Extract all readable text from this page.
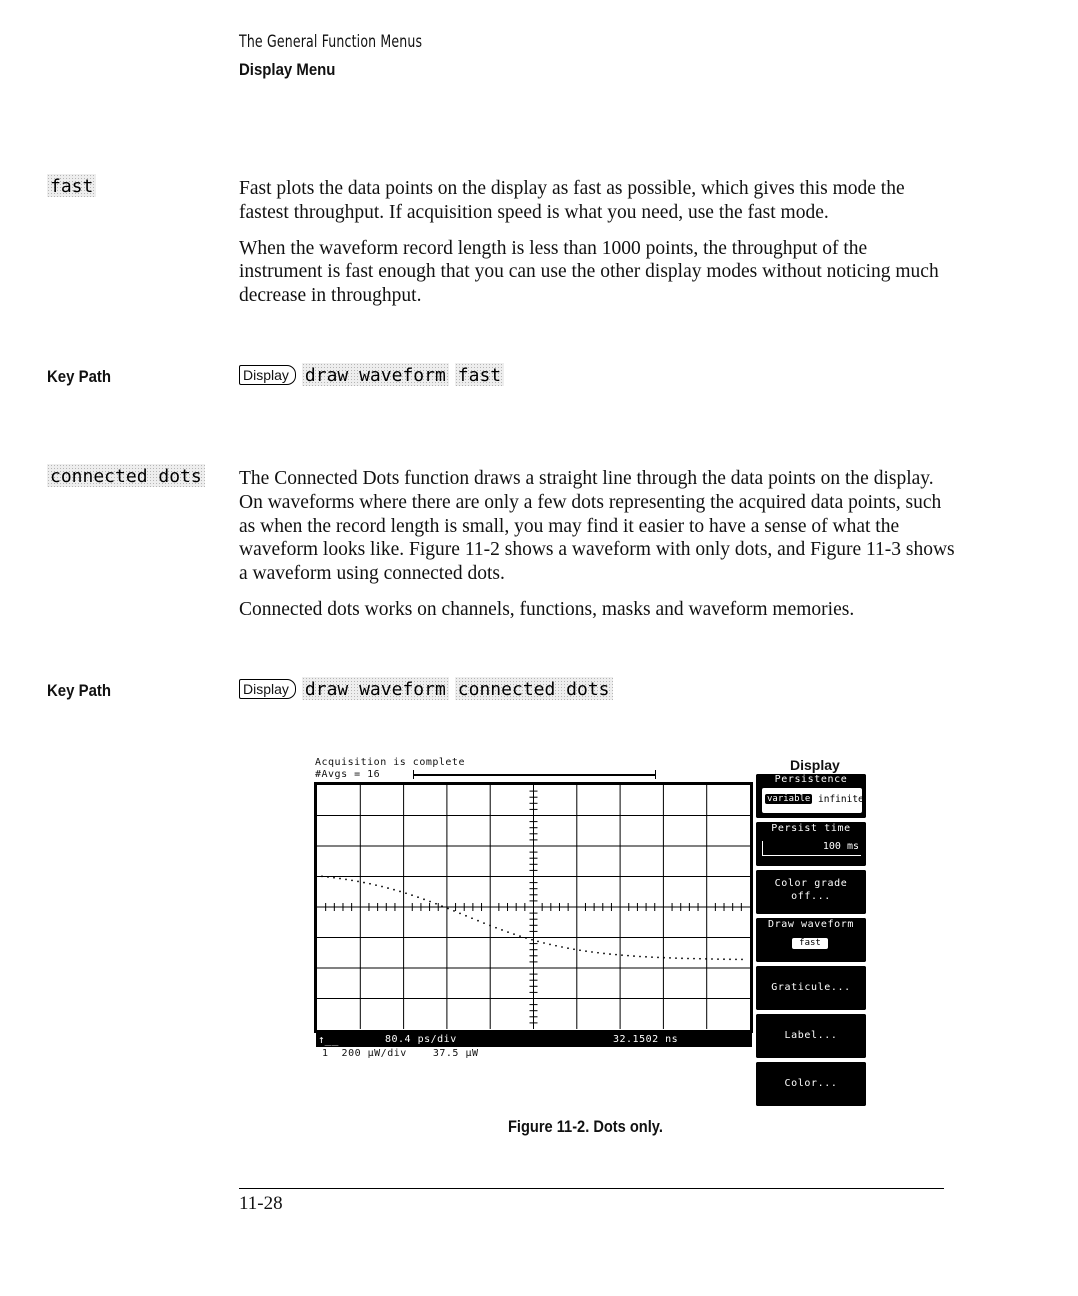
The General Function Menus
Display Menu
fast	Fast plots the data points on the display as fast as possible, which gives this mode the fastest throughput. If acquisition speed is what you need, use the fast mode.

When the waveform record length is less than 1000 points, the throughput of the instrument is fast enough that you can use the other display modes without noticing much decrease in throughput.

Key Path	Display draw waveform fast
connected dots The Connected Dots function draws a straight line through the data points on the display. On waveforms where there are only a few dots representing the acquired data points, such as when the record length is small, you may find it easier to have a sense of what the waveform looks like. Figure 11-2 shows a waveform with only dots, and Figure 11-3 shows a waveform using connected dots.

Connected dots works on channels, functions, masks and waveform memories.

Key Path	Display draw waveform connected dots
Acquisition is complete
#Avgs = 16
↑̲_	80.4 ps/div	32.1502 ns
1  200 µW/div    37.5 µW
Display
Persistence
variable infinite
Persist time
100 ms
Color grade
off...
Draw waveform
fast
Graticule...
Label...
Color...
Figure 11-2. Dots only.
11-28
